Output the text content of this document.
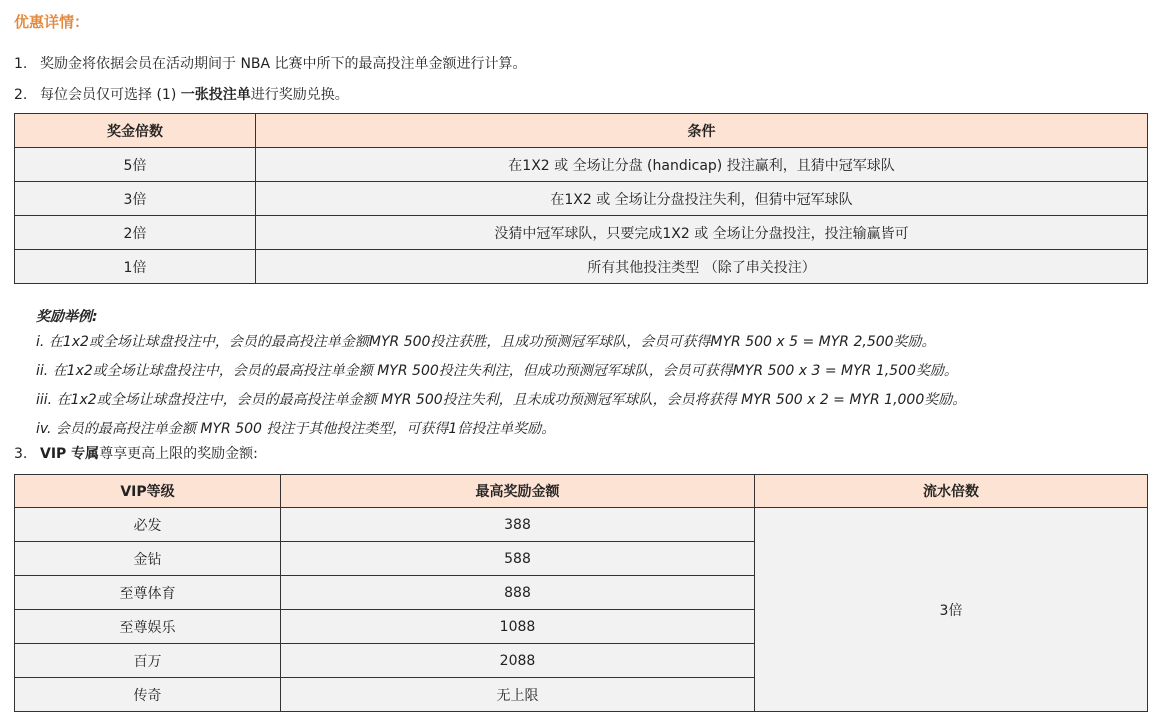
优惠详情：
1. 奖励金将依据会员在活动期间于 NBA 比赛中所下的最高投注单金额进行计算。
2. 每位会员仅可选择 (1) 一张投注单进行奖励兑换。
奖金倍数	条件
5倍	在1X2 或 全场让分盘 (handicap) 投注赢利，且猜中冠军球队
3倍	在1X2 或 全场让分盘投注失利，但猜中冠军球队
2倍	没猜中冠军球队，只要完成1X2 或 全场让分盘投注，投注输赢皆可
1倍	所有其他投注类型 （除了串关投注）
奖励举例:
i. 在1x2或全场让球盘投注中，会员的最高投注单金额MYR 500投注获胜，且成功预测冠军球队，会员可获得MYR 500 x 5 = MYR 2,500奖励。
ii. 在1x2或全场让球盘投注中，会员的最高投注单金额 MYR 500投注失利注，但成功预测冠军球队，会员可获得MYR 500 x 3 = MYR 1,500奖励。
iii. 在1x2或全场让球盘投注中，会员的最高投注单金额 MYR 500投注失利，且未成功预测冠军球队，会员将获得 MYR 500 x 2 = MYR 1,000奖励。
iv. 会员的最高投注单金额 MYR 500 投注于其他投注类型，可获得1倍投注单奖励。
3. VIP 专属尊享更高上限的奖励金额:
VIP等级	最高奖励金额	流水倍数
必发	388	3倍
金钻	588	
至尊体育	888	
至尊娱乐	1088	
百万	2088	
传奇	无上限	
